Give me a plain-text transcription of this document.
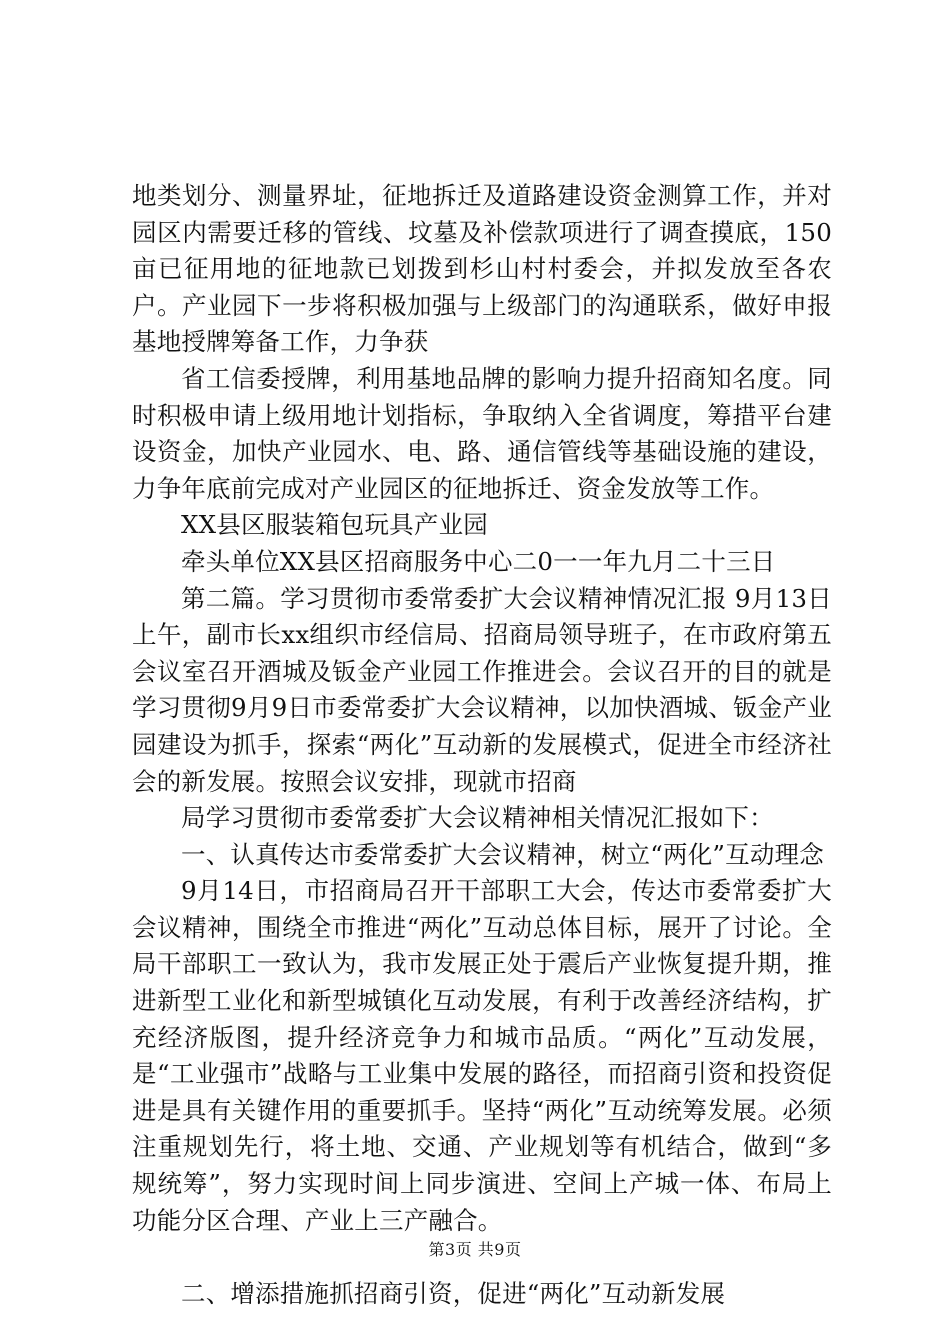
地类划分、测量界址，征地拆迁及道路建设资金测算工作，并对园区内需要迁移的管线、坟墓及补偿款项进行了调查摸底，150亩已征用地的征地款已划拨到杉山村村委会，并拟发放至各农户。产业园下一步将积极加强与上级部门的沟通联系，做好申报基地授牌筹备工作，力争获

省工信委授牌，利用基地品牌的影响力提升招商知名度。同时积极申请上级用地计划指标，争取纳入全省调度，筹措平台建设资金，加快产业园水、电、路、通信管线等基础设施的建设，力争年底前完成对产业园区的征地拆迁、资金发放等工作。

XX县区服装箱包玩具产业园

牵头单位XX县区招商服务中心二0一一年九月二十三日

第二篇。学习贯彻市委常委扩大会议精神情况汇报 9月13日上午，副市长xx组织市经信局、招商局领导班子，在市政府第五会议室召开酒城及钣金产业园工作推进会。会议召开的目的就是学习贯彻9月9日市委常委扩大会议精神，以加快酒城、钣金产业园建设为抓手，探索“两化”互动新的发展模式，促进全市经济社会的新发展。按照会议安排，现就市招商

局学习贯彻市委常委扩大会议精神相关情况汇报如下：

一、认真传达市委常委扩大会议精神，树立“两化”互动理念

9月14日，市招商局召开干部职工大会，传达市委常委扩大会议精神，围绕全市推进“两化”互动总体目标，展开了讨论。全局干部职工一致认为，我市发展正处于震后产业恢复提升期，推进新型工业化和新型城镇化互动发展，有利于改善经济结构，扩充经济版图，提升经济竞争力和城市品质。“两化”互动发展，是“工业强市”战略与工业集中发展的路径，而招商引资和投资促进是具有关键作用的重要抓手。坚持“两化”互动统筹发展。必须注重规划先行，将土地、交通、产业规划等有机结合，做到“多规统筹”，努力实现时间上同步演进、空间上产城一体、布局上功能分区合理、产业上三产融合。

二、增添措施抓招商引资，促进“两化”互动新发展

第3页 共9页
